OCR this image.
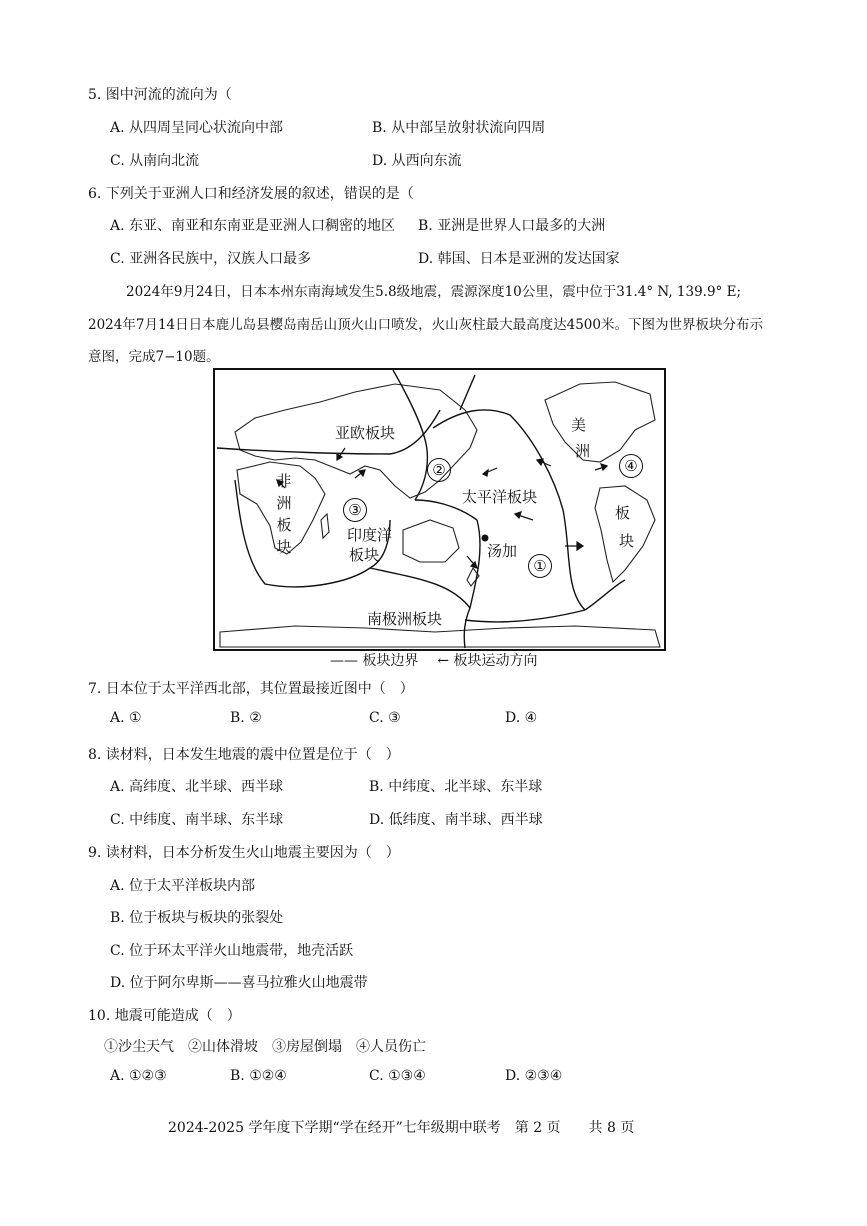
5. 图中河流的流向为（
A. 从四周呈同心状流向中部	B. 从中部呈放射状流向四周
C. 从南向北流	D. 从西向东流
6. 下列关于亚洲人口和经济发展的叙述，错误的是（
A. 东亚、南亚和东南亚是亚洲人口稠密的地区 B. 亚洲是世界人口最多的大洲
C. 亚洲各民族中，汉族人口最多	D. 韩国、日本是亚洲的发达国家
2024年9月24日，日本本州东南海域发生5.8级地震，震源深度10公里，震中位于31.4° N, 139.9° E;
2024年7月14日日本鹿儿岛县樱岛南岳山顶火山口喷发，火山灰柱最大最高度达4500米。下图为世界板块分布示
意图，完成7−10题。
亚欧板块
非洲板块
印度洋
板块
太平洋板块
美
洲
板
块
南极洲板块
汤加
①
②
③
④
—— 板块边界 ← 板块运动方向
7. 日本位于太平洋西北部，其位置最接近图中（　）
A. ①	B. ②	C. ③	D. ④
8. 读材料，日本发生地震的震中位置是位于（　）
A. 高纬度、北半球、西半球	B. 中纬度、北半球、东半球
C. 中纬度、南半球、东半球	D. 低纬度、南半球、西半球
9. 读材料，日本分析发生火山地震主要因为（　）
A. 位于太平洋板块内部
B. 位于板块与板块的张裂处
C. 位于环太平洋火山地震带，地壳活跃
D. 位于阿尔卑斯——喜马拉雅火山地震带
10. 地震可能造成（　）
①沙尘天气　②山体滑坡　③房屋倒塌　④人员伤亡
A. ①②③	B. ①②④	C. ①③④	D. ②③④
2024-2025 学年度下学期“学在经开”七年级期中联考　第 2 页　　共 8 页
